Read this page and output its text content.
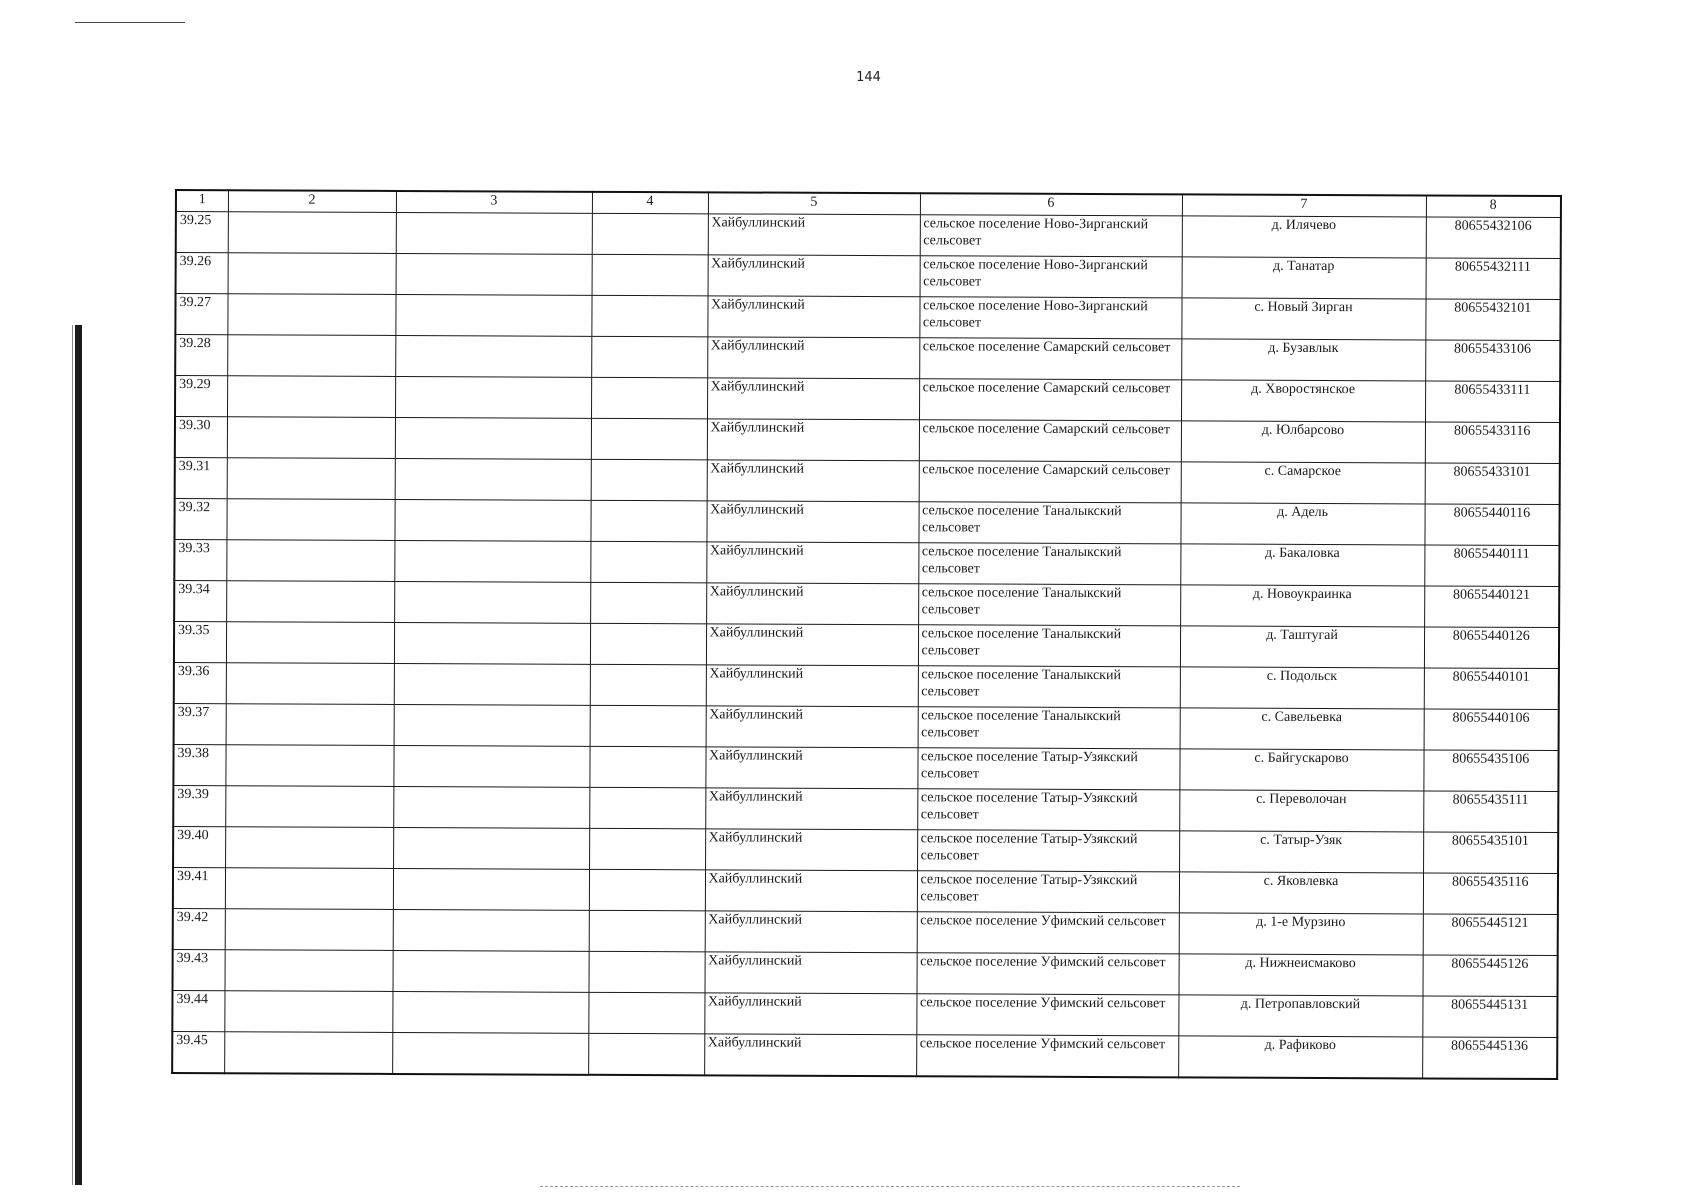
144
1	2	3	4	5	6	7	8
39.25				Хайбуллинский	сельское поселение Ново-Зирганский сельсовет	д. Илячево	80655432106
39.26				Хайбуллинский	сельское поселение Ново-Зирганский сельсовет	д. Танатар	80655432111
39.27				Хайбуллинский	сельское поселение Ново-Зирганский сельсовет	с. Новый Зирган	80655432101
39.28				Хайбуллинский	сельское поселение Самарский сельсовет	д. Бузавлык	80655433106
39.29				Хайбуллинский	сельское поселение Самарский сельсовет	д. Хворостянское	80655433111
39.30				Хайбуллинский	сельское поселение Самарский сельсовет	д. Юлбарсово	80655433116
39.31				Хайбуллинский	сельское поселение Самарский сельсовет	с. Самарское	80655433101
39.32				Хайбуллинский	сельское поселение Таналыкский сельсовет	д. Адель	80655440116
39.33				Хайбуллинский	сельское поселение Таналыкский сельсовет	д. Бакаловка	80655440111
39.34				Хайбуллинский	сельское поселение Таналыкский сельсовет	д. Новоукраинка	80655440121
39.35				Хайбуллинский	сельское поселение Таналыкский сельсовет	д. Таштугай	80655440126
39.36				Хайбуллинский	сельское поселение Таналыкский сельсовет	с. Подольск	80655440101
39.37				Хайбуллинский	сельское поселение Таналыкский сельсовет	с. Савельевка	80655440106
39.38				Хайбуллинский	сельское поселение Татыр-Узякский сельсовет	с. Байгускарово	80655435106
39.39				Хайбуллинский	сельское поселение Татыр-Узякский сельсовет	с. Переволочан	80655435111
39.40				Хайбуллинский	сельское поселение Татыр-Узякский сельсовет	с. Татыр-Узяк	80655435101
39.41				Хайбуллинский	сельское поселение Татыр-Узякский сельсовет	с. Яковлевка	80655435116
39.42				Хайбуллинский	сельское поселение Уфимский сельсовет	д. 1-е Мурзино	80655445121
39.43				Хайбуллинский	сельское поселение Уфимский сельсовет	д. Нижнеисмаково	80655445126
39.44				Хайбуллинский	сельское поселение Уфимский сельсовет	д. Петропавловский	80655445131
39.45				Хайбуллинский	сельское поселение Уфимский сельсовет	д. Рафиково	80655445136
